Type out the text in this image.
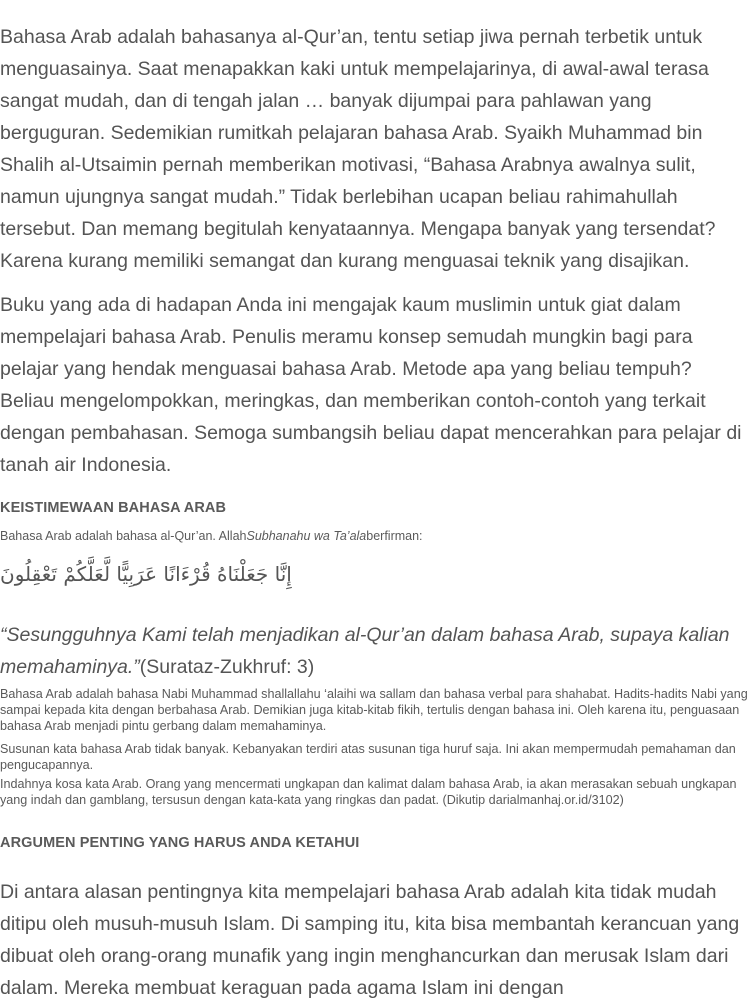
Bahasa Arab adalah bahasanya al-Qur’an, tentu setiap jiwa pernah terbetik untuk menguasainya. Saat menapakkan kaki untuk mempelajarinya, di awal-awal terasa sangat mudah, dan di tengah jalan … banyak dijumpai para pahlawan yang berguguran. Sedemikian rumitkah pelajaran bahasa Arab. Syaikh Muhammad bin Shalih al-Utsaimin pernah memberikan motivasi, “Bahasa Arabnya awalnya sulit, namun ujungnya sangat mudah.” Tidak berlebihan ucapan beliau rahimahullah tersebut. Dan memang begitulah kenyataannya. Mengapa banyak yang tersendat? Karena kurang memiliki semangat dan kurang menguasai teknik yang disajikan.

Buku yang ada di hadapan Anda ini mengajak kaum muslimin untuk giat dalam mempelajari bahasa Arab. Penulis meramu konsep semudah mungkin bagi para pelajar yang hendak menguasai bahasa Arab. Metode apa yang beliau tempuh? Beliau mengelompokkan, meringkas, dan memberikan contoh-contoh yang terkait dengan pembahasan. Semoga sumbangsih beliau dapat mencerahkan para pelajar di tanah air Indonesia.

KEISTIMEWAAN BAHASA ARAB

Bahasa Arab adalah bahasa al-Qur’an. AllahSubhanahu wa Ta’alaberfirman:

إِنَّا جَعَلْنَاهُ قُرْءَانًا عَرَبِيًّا لَّعَلَّكُمْ تَعْقِلُونَ

“Sesungguhnya Kami telah menjadikan al-Qur’an dalam bahasa Arab, supaya kalian memahaminya.”(Surataz-Zukhruf: 3)

Bahasa Arab adalah bahasa Nabi Muhammad shallallahu ‘alaihi wa sallam dan bahasa verbal para shahabat. Hadits-hadits Nabi yang sampai kepada kita dengan berbahasa Arab. Demikian juga kitab-kitab fikih, tertulis dengan bahasa ini. Oleh karena itu, penguasaan bahasa Arab menjadi pintu gerbang dalam memahaminya.

Susunan kata bahasa Arab tidak banyak. Kebanyakan terdiri atas susunan tiga huruf saja. Ini akan mempermudah pemahaman dan pengucapannya.

Indahnya kosa kata Arab. Orang yang mencermati ungkapan dan kalimat dalam bahasa Arab, ia akan merasakan sebuah ungkapan yang indah dan gamblang, tersusun dengan kata-kata yang ringkas dan padat. (Dikutip darialmanhaj.or.id/3102)

ARGUMEN PENTING YANG HARUS ANDA KETAHUI

Di antara alasan pentingnya kita mempelajari bahasa Arab adalah kita tidak mudah ditipu oleh musuh-musuh Islam. Di samping itu, kita bisa membantah kerancuan yang dibuat oleh orang-orang munafik yang ingin menghancurkan dan merusak Islam dari dalam. Mereka membuat keraguan pada agama Islam ini dengan
